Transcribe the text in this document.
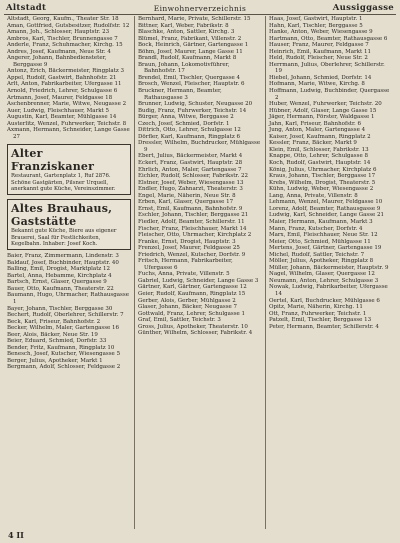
Altstadt	Einwohnerverzeichnis	Aussiggasse

Altstadt, Georg, Kaufm., Theater Str. 18

Aman, Gottfried, Gutsbesitzer, Rudolfstr. 12

Amann, Joh., Schlosser, Hauptstr. 23

Ambros, Karl, Tischler, Brunnengasse 7

Anderle, Franz, Schuhmacher, Kirchg. 15

Andres, Josef, Kaufmann, Neue Str. 4

Angerer, Johann, Bahnbediensteter, Berggasse 9

Antonz, Erich, Bäckermeister, Ringplatz 3

Appel, Rudolf, Gastwirt, Bahnhofstr. 21

Arlt, Anton, Fabrikarbeiter, Ufergasse 11

Arnold, Friedrich, Lehrer, Schulgasse 6

Artmann, Josef, Maurer, Feldgasse 18

Aschenbrenner, Marie, Witwe, Neugasse 2

Auer, Ludwig, Fleischhauer, Markt 5

Augustin, Karl, Beamter, Mühlgasse 14

Austerlitz, Wenzel, Fuhrwerker, Teichstr. 8

Axmann, Hermann, Schneider, Lange Gasse 27

Alter Franziskaner
Restaurant, Gartenplatz 1, Ruf 2876. Schöne Gastgärten, Pilsner Urquell, anerkannt gute Küche, Vereinszimmer.
Altes Brauhaus, Gaststätte
Bekannt gute Küche, Biere aus eigener Brauerei, Saal für Festlichkeiten, Kegelbahn. Inhaber: Josef Koch.

Baier, Franz, Zimmermann, Lindenstr. 3

Baldauf, Josef, Buchbinder, Hauptstr. 40

Balling, Emil, Drogist, Marktplatz 12

Bartel, Anna, Hebamme, Kirchplatz 4

Bartsch, Ernst, Glaser, Quergasse 9

Bauer, Otto, Kaufmann, Theaterstr. 22

Baumann, Hugo, Uhrmacher, Rathausgasse 1

Bayer, Johann, Tischler, Berggasse 30

Bechert, Rudolf, Oberlehrer, Schillerstr. 7

Beck, Karl, Friseur, Bahnhofstr. 2

Becker, Wilhelm, Maler, Gartengasse 16

Beer, Alois, Bäcker, Neue Str. 19

Beier, Eduard, Schmied, Dorfstr. 33

Bender, Fritz, Kaufmann, Ringplatz 10

Benesch, Josef, Kutscher, Wiesengasse 5

Berger, Julius, Apotheker, Markt 1

Bergmann, Adolf, Schlosser, Feldgasse 2

Bernhard, Marie, Private, Schillerstr. 15

Bittner, Karl, Weber, Fabrikstr. 8

Blaschke, Anton, Sattler, Kirchg. 3

Blümel, Franz, Fabrikant, Villenstr. 2

Bock, Heinrich, Gärtner, Gartengasse 1

Böhm, Josef, Maurer, Lange Gasse 11

Brandl, Rudolf, Kaufmann, Markt 8

Braun, Johann, Lokomotivführer, Bahnhofstr. 17

Brendel, Emil, Tischler, Quergasse 4

Brosch, Wenzel, Fleischer, Hauptstr. 6

Bruckner, Hermann, Beamter, Rathausgasse 3

Brunner, Ludwig, Schuster, Neugasse 20

Budig, Franz, Fuhrwerker, Teichstr. 14

Bürger, Anna, Witwe, Berggasse 2

Czech, Josef, Schmied, Dorfstr. 1

Dittrich, Otto, Lehrer, Schulgasse 12

Dörfler, Karl, Kaufmann, Ringplatz 6

Dressler, Wilhelm, Buchdrucker, Mühlgasse 9

Ebert, Julius, Bäckermeister, Markt 4

Eckert, Franz, Gastwirt, Hauptstr. 28

Ehrlich, Anton, Maler, Gartengasse 7

Eichler, Rudolf, Schlosser, Fabrikstr. 22

Elstner, Josef, Weber, Wiesengasse 13

Endler, Hugo, Zahnarzt, Theaterstr. 3

Engel, Marie, Näherin, Neue Str. 8

Erben, Karl, Glaser, Quergasse 17

Ernst, Emil, Kaufmann, Bahnhofstr. 9

Eschler, Johann, Tischler, Berggasse 21

Fiedler, Adolf, Beamter, Schillerstr. 11

Fischer, Franz, Fleischhauer, Markt 14

Fleischer, Otto, Uhrmacher, Kirchplatz 2

Franke, Ernst, Drogist, Hauptstr. 3

Frenzel, Josef, Maurer, Feldgasse 25

Friedrich, Wenzel, Kutscher, Dorfstr. 9

Fritsch, Hermann, Fabrikarbeiter, Ufergasse 6

Fuchs, Anna, Private, Villenstr. 5

Gabriel, Ludwig, Schneider, Lange Gasse 3

Gärtner, Karl, Gärtner, Gartengasse 12

Geier, Rudolf, Kaufmann, Ringplatz 15

Gerber, Alois, Gerber, Mühlgasse 2

Glaser, Johann, Bäcker, Neugasse 7

Gottwald, Franz, Lehrer, Schulgasse 1

Graf, Emil, Sattler, Teichstr. 3

Gross, Julius, Apotheker, Theaterstr. 10

Günther, Wilhelm, Schlosser, Fabrikstr. 4

Haas, Josef, Gastwirt, Hauptstr. 1

Hahn, Karl, Tischler, Berggasse 5

Hanke, Anton, Weber, Wiesengasse 9

Hartmann, Otto, Beamter, Rathausgasse 6

Hauser, Franz, Maurer, Feldgasse 7

Heinrich, Emil, Kaufmann, Markt 11

Held, Rudolf, Fleischer, Neue Str. 2

Herrmann, Julius, Oberlehrer, Schillerstr. 19

Hiebel, Johann, Schmied, Dorfstr. 14

Hofmann, Marie, Witwe, Kirchg. 8

Hoffmann, Ludwig, Buchbinder, Quergasse 2

Huber, Wenzel, Fuhrwerker, Teichstr. 20

Hübner, Adolf, Glaser, Lange Gasse 15

Jäger, Hermann, Förster, Waldgasse 1

Jahn, Karl, Friseur, Bahnhofstr. 6

Jung, Anton, Maler, Gartengasse 4

Kaiser, Josef, Kaufmann, Ringplatz 2

Kessler, Franz, Bäcker, Markt 9

Klein, Emil, Schlosser, Fabrikstr. 13

Knappe, Otto, Lehrer, Schulgasse 8

Koch, Rudolf, Gastwirt, Hauptstr. 14

König, Julius, Uhrmacher, Kirchplatz 6

Kraus, Johann, Tischler, Berggasse 17

Krebs, Wilhelm, Drogist, Theaterstr. 5

Kühn, Ludwig, Weber, Wiesengasse 2

Lang, Anna, Private, Villenstr. 8

Lehmann, Wenzel, Maurer, Feldgasse 10

Lorenz, Adolf, Beamter, Rathausgasse 9

Ludwig, Karl, Schneider, Lange Gasse 21

Maier, Hermann, Kaufmann, Markt 3

Mann, Franz, Kutscher, Dorfstr. 4

Marx, Emil, Fleischhauer, Neue Str. 12

Meier, Otto, Schmied, Mühlgasse 11

Mertens, Josef, Gärtner, Gartengasse 19

Michel, Rudolf, Sattler, Teichstr. 7

Möller, Julius, Apotheker, Ringplatz 8

Müller, Johann, Bäckermeister, Hauptstr. 9

Nagel, Wilhelm, Glaser, Quergasse 12

Neumann, Anton, Lehrer, Schulgasse 3

Nowak, Ludwig, Fabrikarbeiter, Ufergasse 14

Oertel, Karl, Buchdrucker, Mühlgasse 6

Opitz, Marie, Näherin, Kirchg. 11

Ott, Franz, Fuhrwerker, Teichstr. 1

Patzelt, Emil, Tischler, Berggasse 13

Peter, Hermann, Beamter, Schillerstr. 4

4 II
